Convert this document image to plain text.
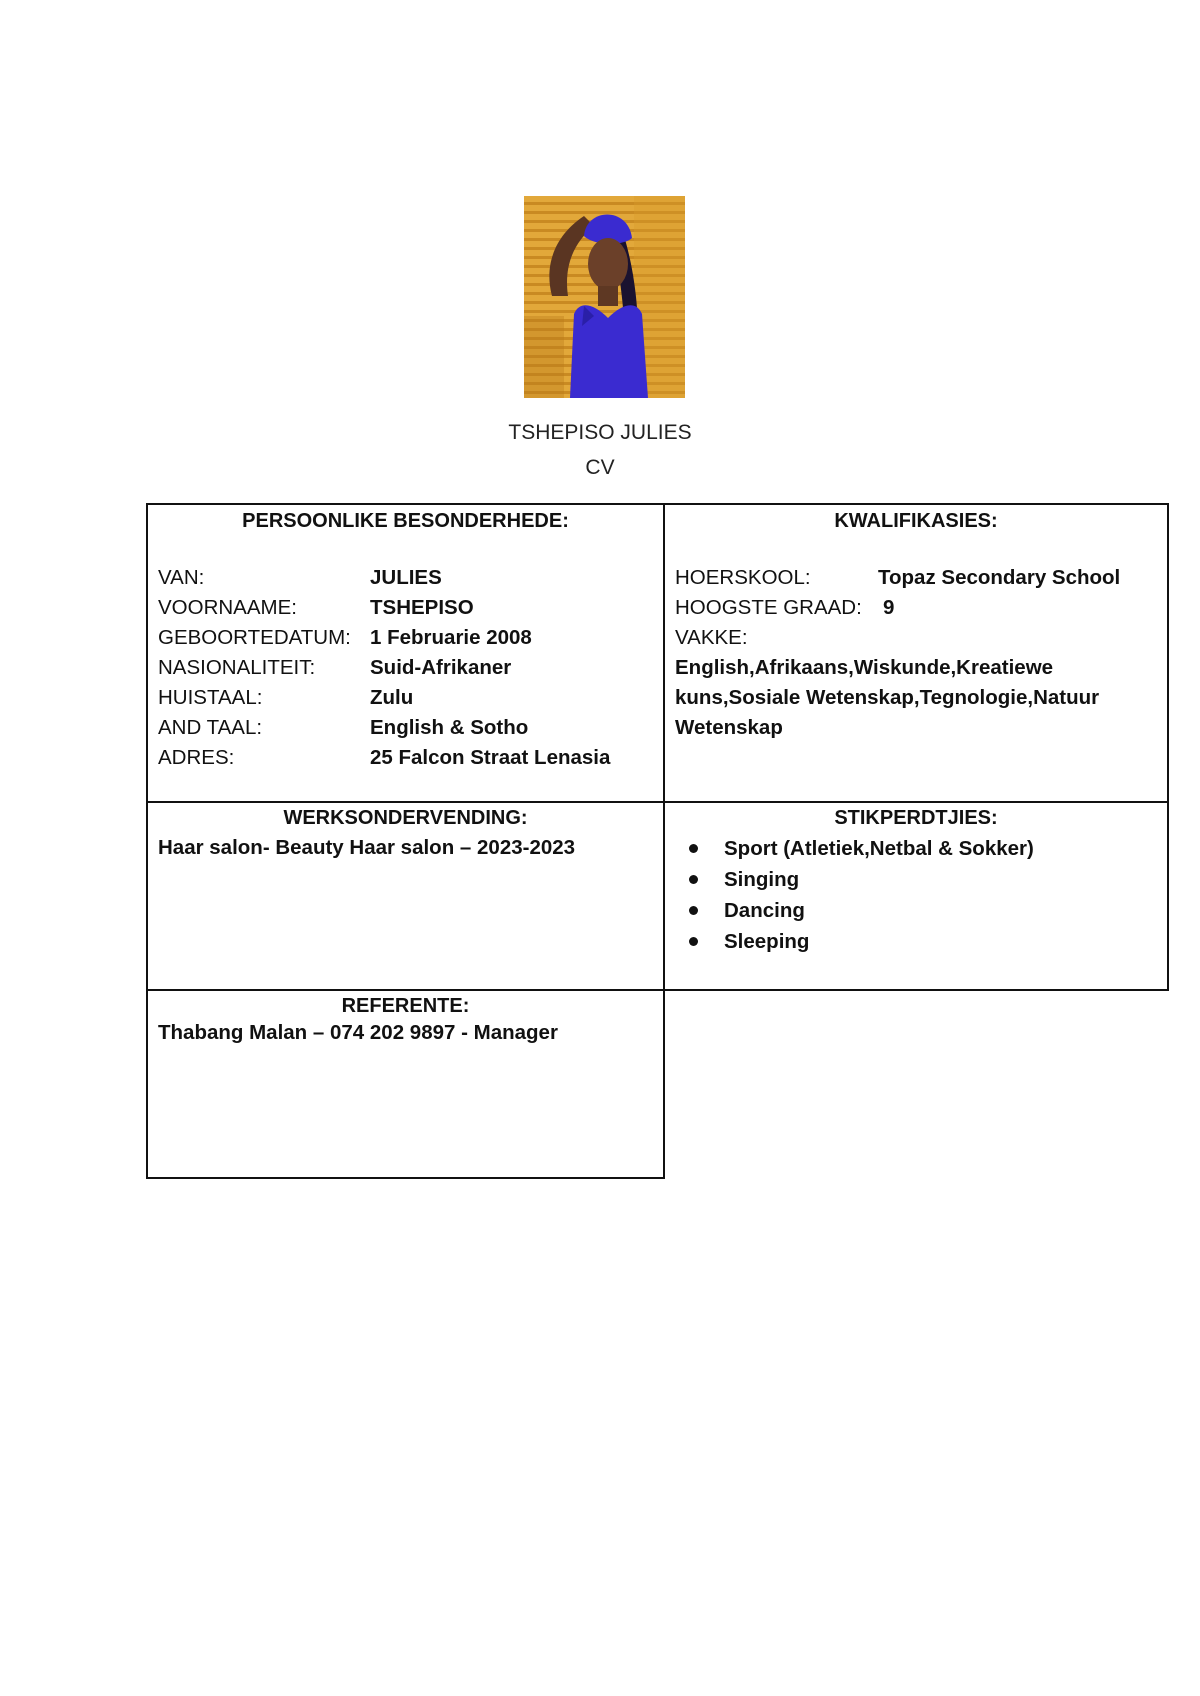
TSHEPISO JULIES
CV
PERSOONLIKE BESONDERHEDE:
VAN:	JULIES
VOORNAAME:	TSHEPISO
GEBOORTEDATUM: 1 Februarie 2008
NASIONALITEIT:	Suid-Afrikaner
HUISTAAL:	Zulu
AND TAAL:	English & Sotho
ADRES:	25 Falcon Straat Lenasia
KWALIFIKASIES:
HOERSKOOL:	Topaz Secondary School
HOOGSTE GRAAD: 9
VAKKE:
English,Afrikaans,Wiskunde,Kreatiewe
kuns,Sosiale Wetenskap,Tegnologie,Natuur
Wetenskap
WERKSONDERVENDING:
Haar salon- Beauty Haar salon – 2023-2023
STIKPERDTJIES:
Sport (Atletiek,Netbal & Sokker)
Singing
Dancing
Sleeping
REFERENTE:
Thabang Malan – 074 202 9897 - Manager
